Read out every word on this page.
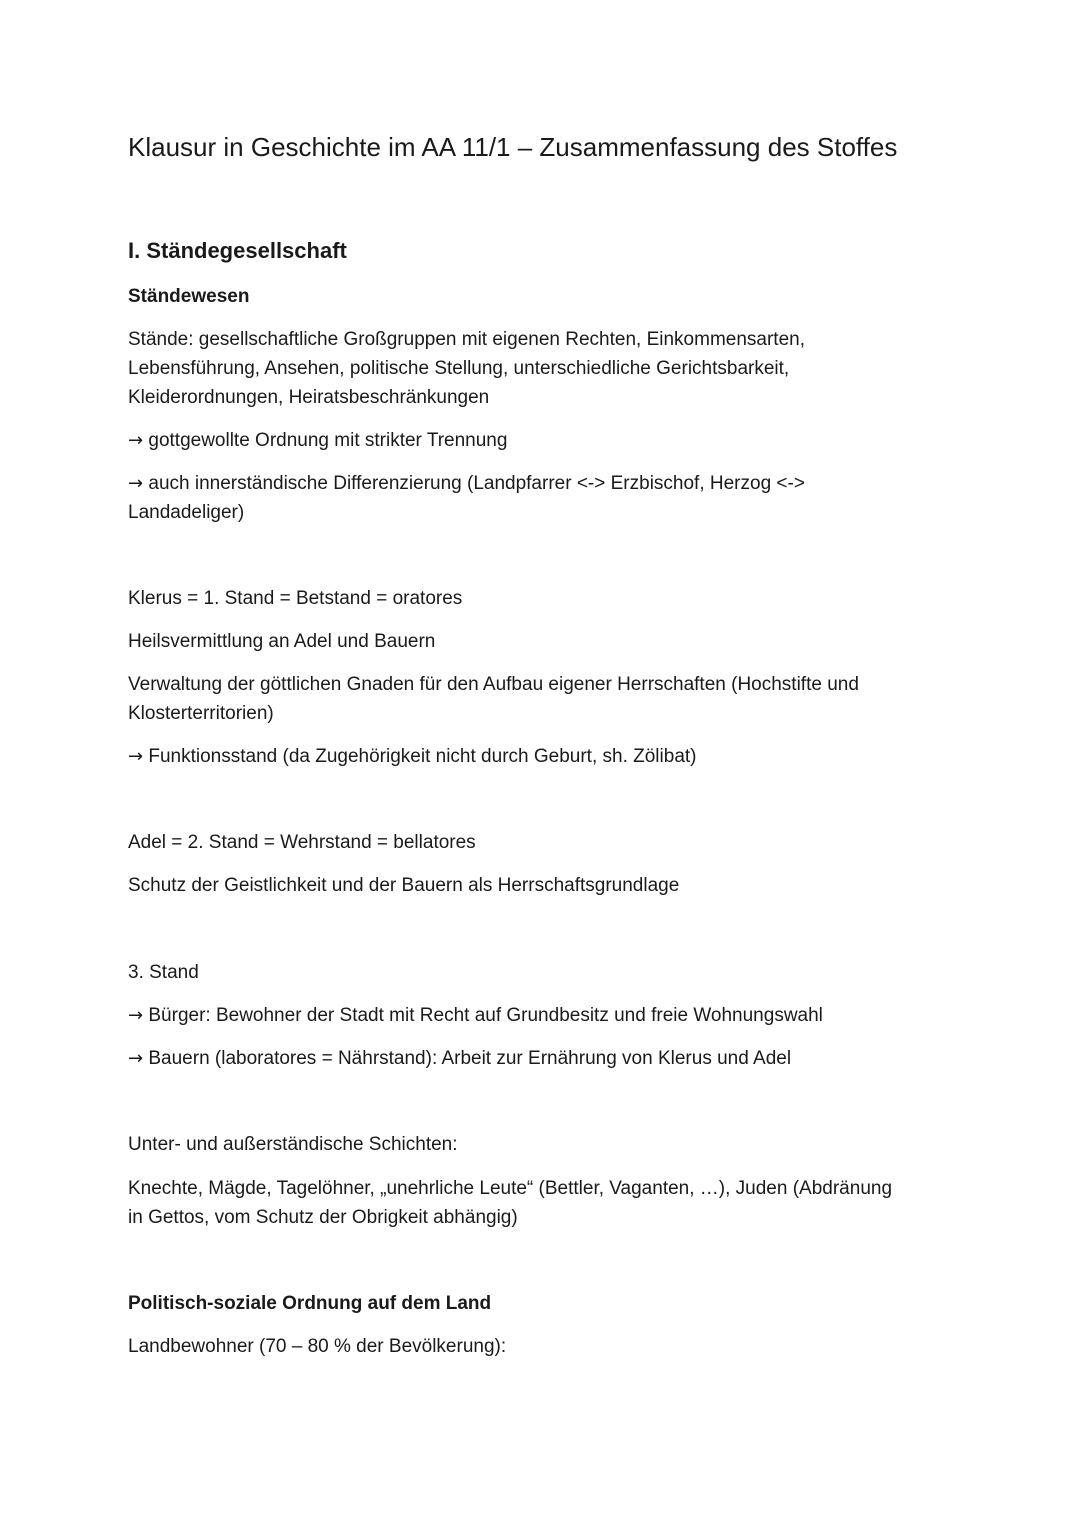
Klausur in Geschichte im AA 11/1 – Zusammenfassung des Stoffes
I. Ständegesellschaft
Ständewesen

Stände: gesellschaftliche Großgruppen mit eigenen Rechten, Einkommensarten,
Lebensführung, Ansehen, politische Stellung, unterschiedliche Gerichtsbarkeit,
Kleiderordnungen, Heiratsbeschränkungen

→ gottgewollte Ordnung mit strikter Trennung

→ auch innerständische Differenzierung (Landpfarrer <-> Erzbischof, Herzog <->
Landadeliger)

Klerus = 1. Stand = Betstand = oratores

Heilsvermittlung an Adel und Bauern

Verwaltung der göttlichen Gnaden für den Aufbau eigener Herrschaften (Hochstifte und
Klosterterritorien)

→ Funktionsstand (da Zugehörigkeit nicht durch Geburt, sh. Zölibat)

Adel = 2. Stand = Wehrstand = bellatores

Schutz der Geistlichkeit und der Bauern als Herrschaftsgrundlage

3. Stand

→ Bürger: Bewohner der Stadt mit Recht auf Grundbesitz und freie Wohnungswahl

→ Bauern (laboratores = Nährstand): Arbeit zur Ernährung von Klerus und Adel

Unter- und außerständische Schichten:

Knechte, Mägde, Tagelöhner, „unehrliche Leute“ (Bettler, Vaganten, …), Juden (Abdränung
in Gettos, vom Schutz der Obrigkeit abhängig)

Politisch-soziale Ordnung auf dem Land

Landbewohner (70 – 80 % der Bevölkerung):
